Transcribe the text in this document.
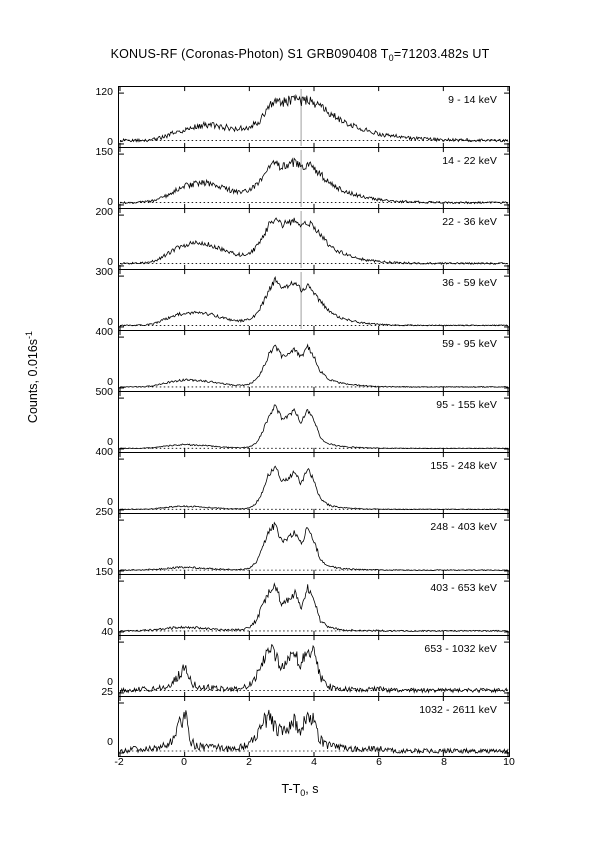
KONUS-RF (Coronas-Photon) S1 GRB090408 $T_0=71203.482s$ UT
Counts, $0.016s^{-1}$
$T-T_0$, s
9 - 14 keV
14 - 22 keV
22 - 36 keV
36 - 59 keV
59 - 95 keV
95 - 155 keV
155 - 248 keV
248 - 403 keV
403 - 653 keV
653 - 1032 keV
1032 - 2611 keV
-2	0	2	4	6	8	10
0
120
0
150
0
200
0
300
0
400
0
500
0
400
0
250
0
150
0
40
0
25
